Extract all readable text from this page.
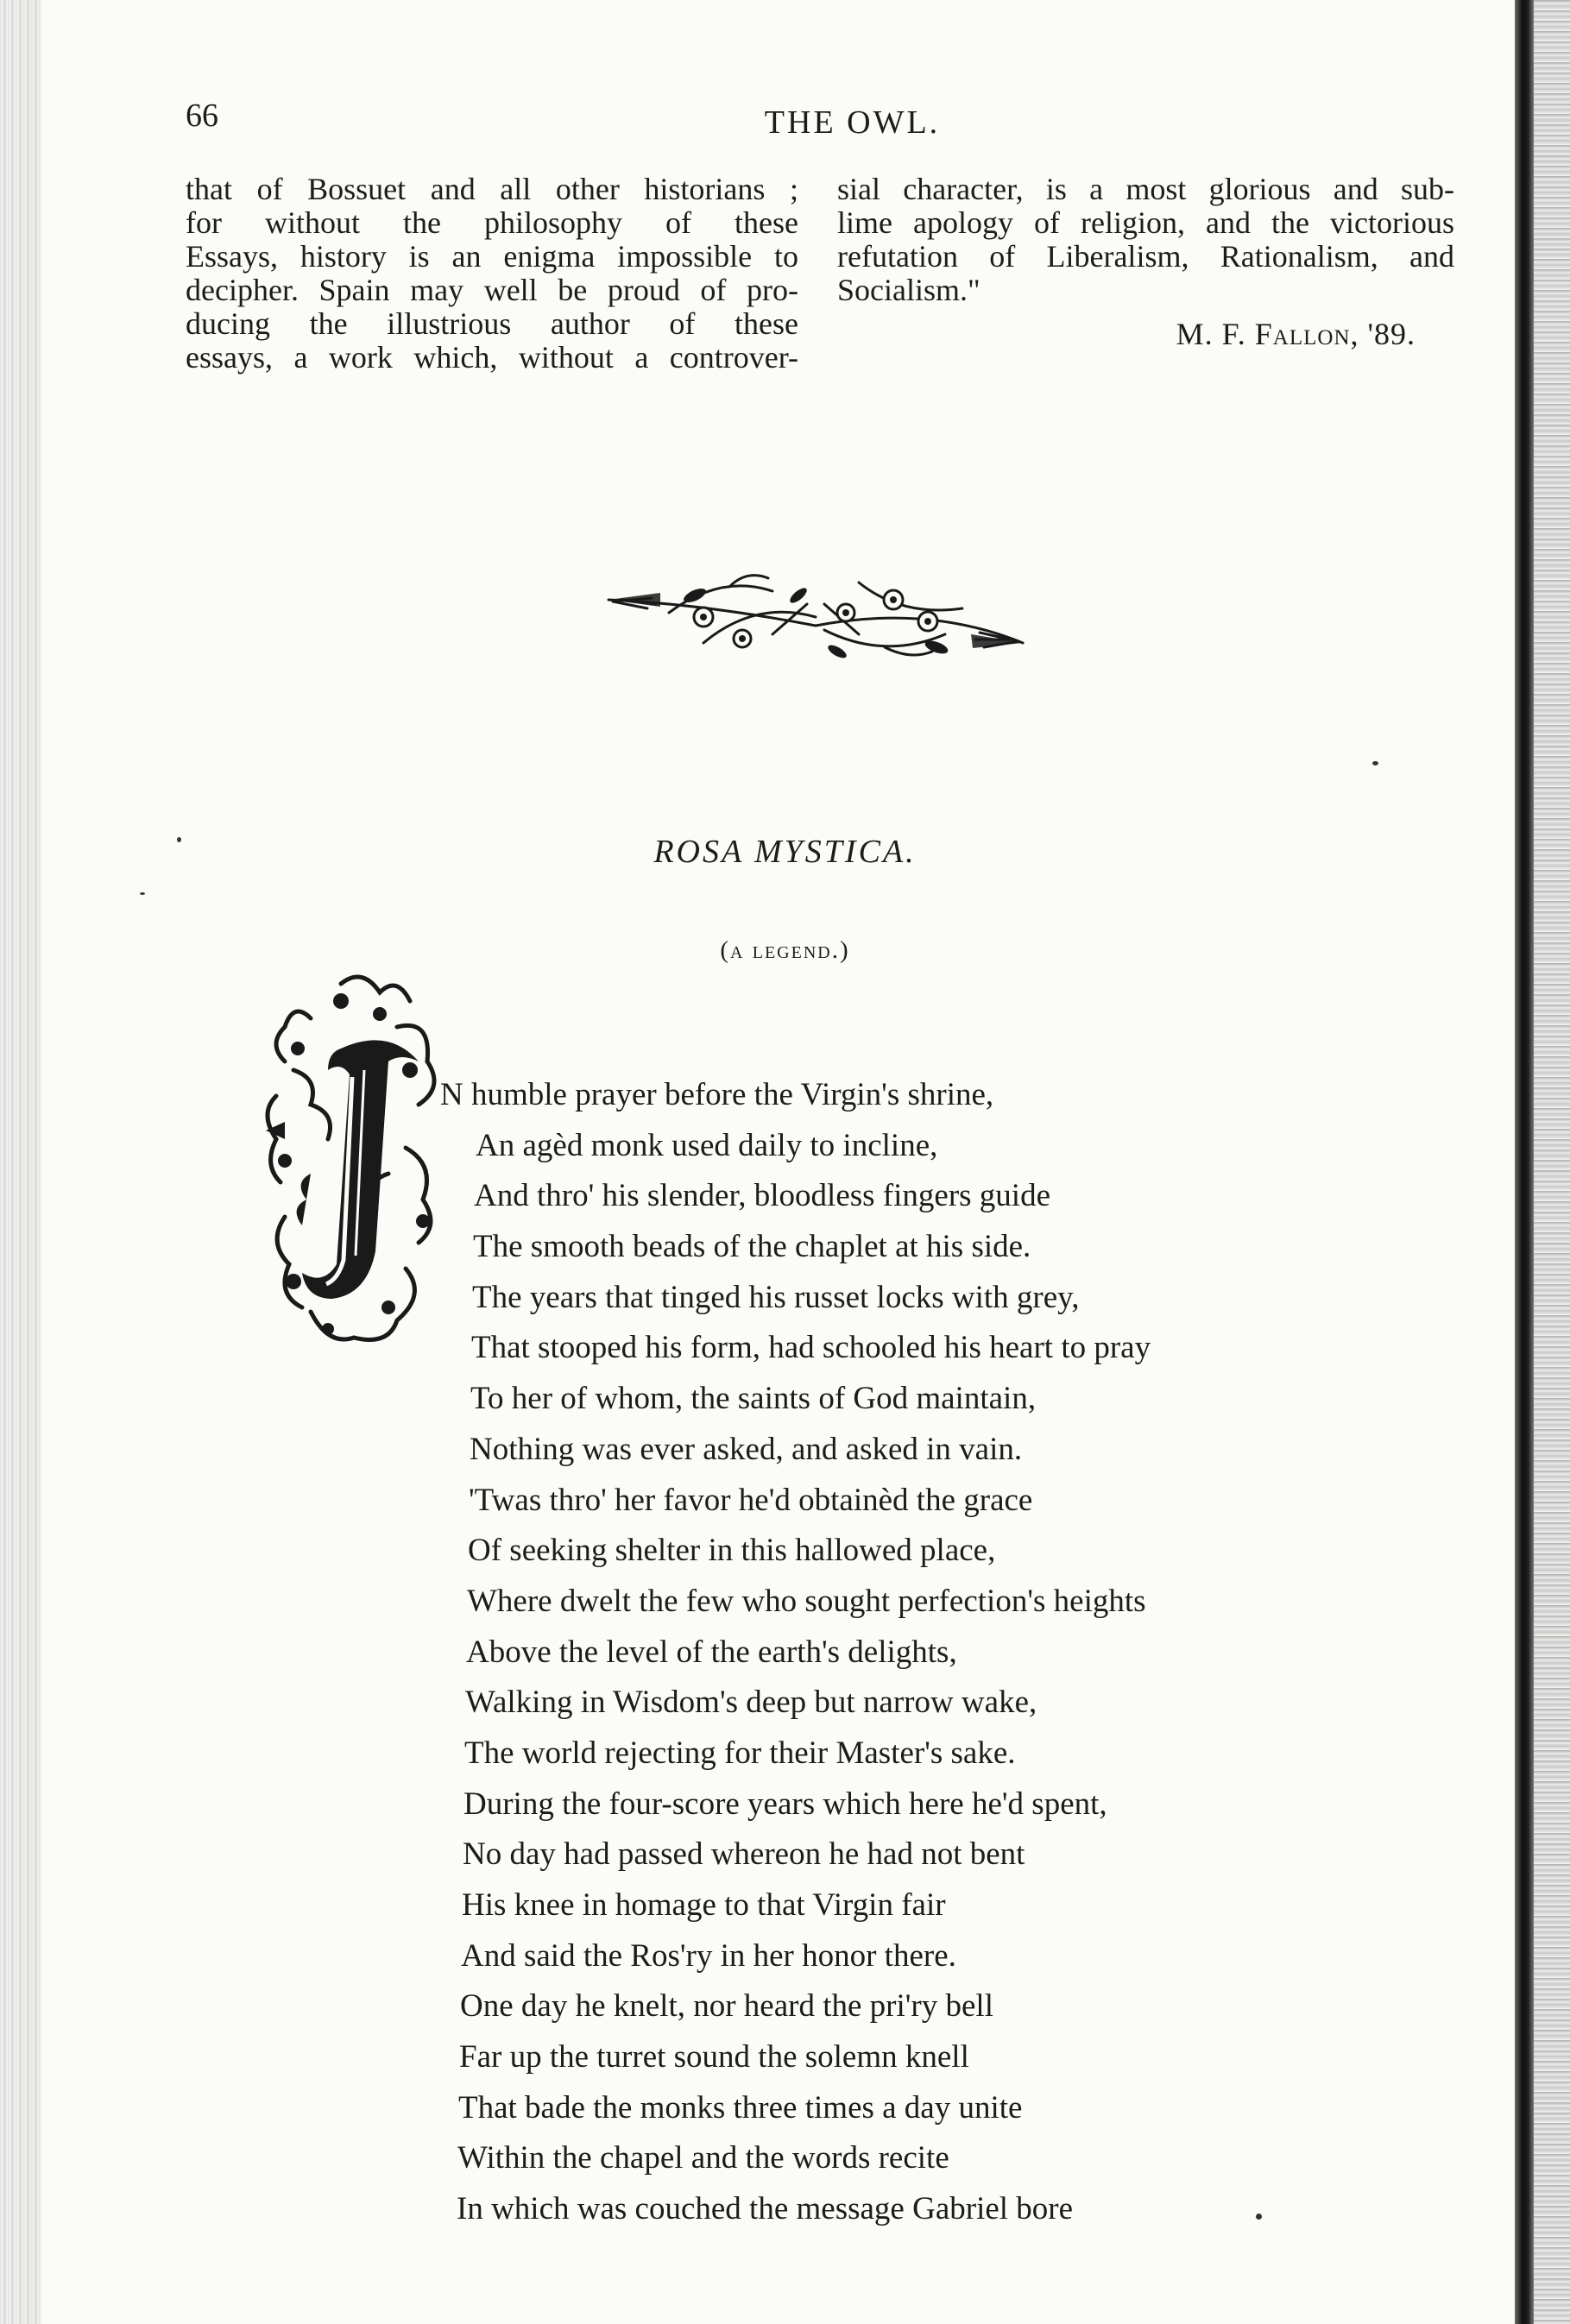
66	THE OWL.
that of Bossuet and all other historians ;
for without the philosophy of these
Essays, history is an enigma impossible to
decipher. Spain may well be proud of pro-
ducing the illustrious author of these
essays, a work which, without a controver-
sial character, is a most glorious and sub-
lime apology of religion, and the victorious
refutation of Liberalism, Rationalism, and
Socialism."
M. F. Fallon, '89.
ROSA MYSTICA.
(a legend.)
N humble prayer before the Virgin's shrine,
An agèd monk used daily to incline,
And thro' his slender, bloodless fingers guide
The smooth beads of the chaplet at his side.
The years that tinged his russet locks with grey,
That stooped his form, had schooled his heart to pray
To her of whom, the saints of God maintain,
Nothing was ever asked, and asked in vain.
'Twas thro' her favor he'd obtainèd the grace
Of seeking shelter in this hallowed place,
Where dwelt the few who sought perfection's heights
Above the level of the earth's delights,
Walking in Wisdom's deep but narrow wake,
The world rejecting for their Master's sake.
During the four-score years which here he'd spent,
No day had passed whereon he had not bent
His knee in homage to that Virgin fair
And said the Ros'ry in her honor there.
One day he knelt, nor heard the pri'ry bell
Far up the turret sound the solemn knell
That bade the monks three times a day unite
Within the chapel and the words recite
In which was couched the message Gabriel bore
